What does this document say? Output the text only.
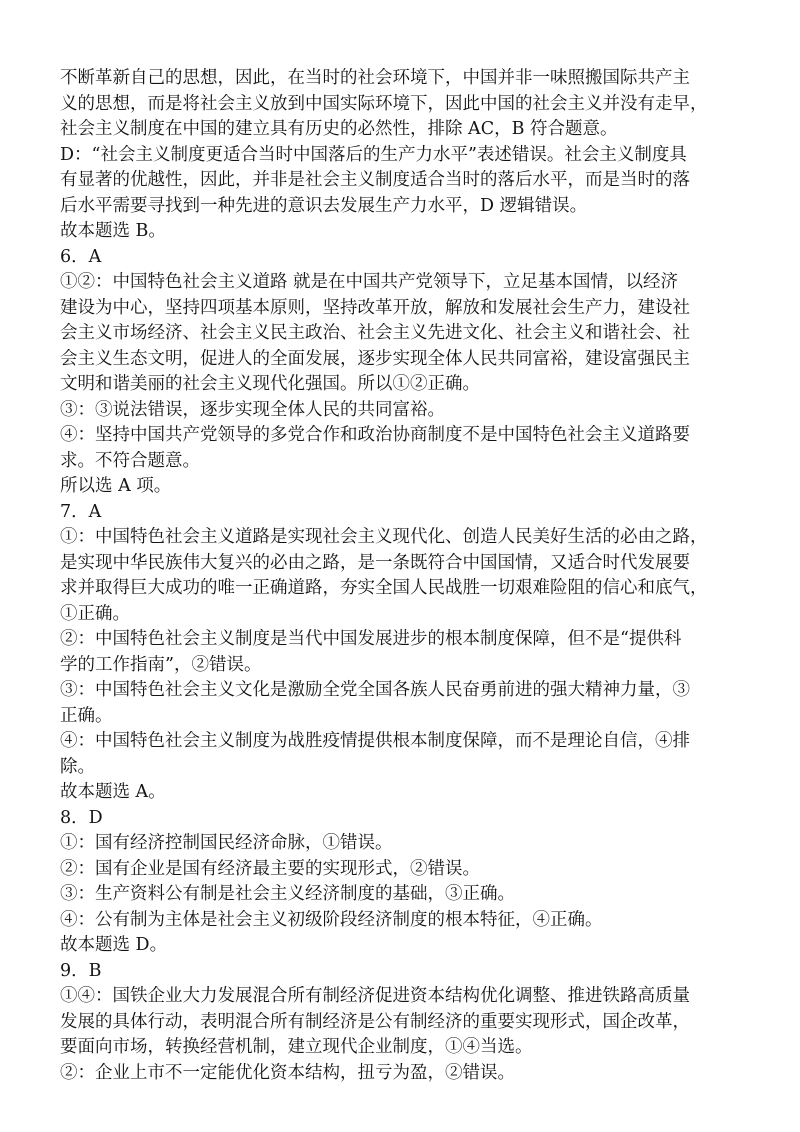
不断革新自己的思想，因此，在当时的社会环境下，中国并非一味照搬国际共产主
义的思想，而是将社会主义放到中国实际环境下，因此中国的社会主义并没有走早，
社会主义制度在中国的建立具有历史的必然性，排除 AC，B 符合题意。
D：“社会主义制度更适合当时中国落后的生产力水平”表述错误。社会主义制度具
有显著的优越性，因此，并非是社会主义制度适合当时的落后水平，而是当时的落
后水平需要寻找到一种先进的意识去发展生产力水平，D 逻辑错误。
故本题选 B。
6．A
①②：中国特色社会主义道路 就是在中国共产党领导下，立足基本国情，以经济
建设为中心，坚持四项基本原则，坚持改革开放，解放和发展社会生产力，建设社
会主义市场经济、社会主义民主政治、社会主义先进文化、社会主义和谐社会、社
会主义生态文明，促进人的全面发展，逐步实现全体人民共同富裕，建设富强民主
文明和谐美丽的社会主义现代化强国。所以①②正确。
③：③说法错误，逐步实现全体人民的共同富裕。
④：坚持中国共产党领导的多党合作和政治协商制度不是中国特色社会主义道路要
求。不符合题意。
所以选 A 项。
7．A
①：中国特色社会主义道路是实现社会主义现代化、创造人民美好生活的必由之路，
是实现中华民族伟大复兴的必由之路，是一条既符合中国国情，又适合时代发展要
求并取得巨大成功的唯一正确道路，夯实全国人民战胜一切艰难险阻的信心和底气，
①正确。
②：中国特色社会主义制度是当代中国发展进步的根本制度保障，但不是“提供科
学的工作指南”，②错误。
③：中国特色社会主义文化是激励全党全国各族人民奋勇前进的强大精神力量，③
正确。
④：中国特色社会主义制度为战胜疫情提供根本制度保障，而不是理论自信，④排
除。
故本题选 A。
8．D
①：国有经济控制国民经济命脉，①错误。
②：国有企业是国有经济最主要的实现形式，②错误。
③：生产资料公有制是社会主义经济制度的基础，③正确。
④：公有制为主体是社会主义初级阶段经济制度的根本特征，④正确。
故本题选 D。
9．B
①④：国铁企业大力发展混合所有制经济促进资本结构优化调整、推进铁路高质量
发展的具体行动，表明混合所有制经济是公有制经济的重要实现形式，国企改革，
要面向市场，转换经营机制，建立现代企业制度，①④当选。
②：企业上市不一定能优化资本结构，扭亏为盈，②错误。
